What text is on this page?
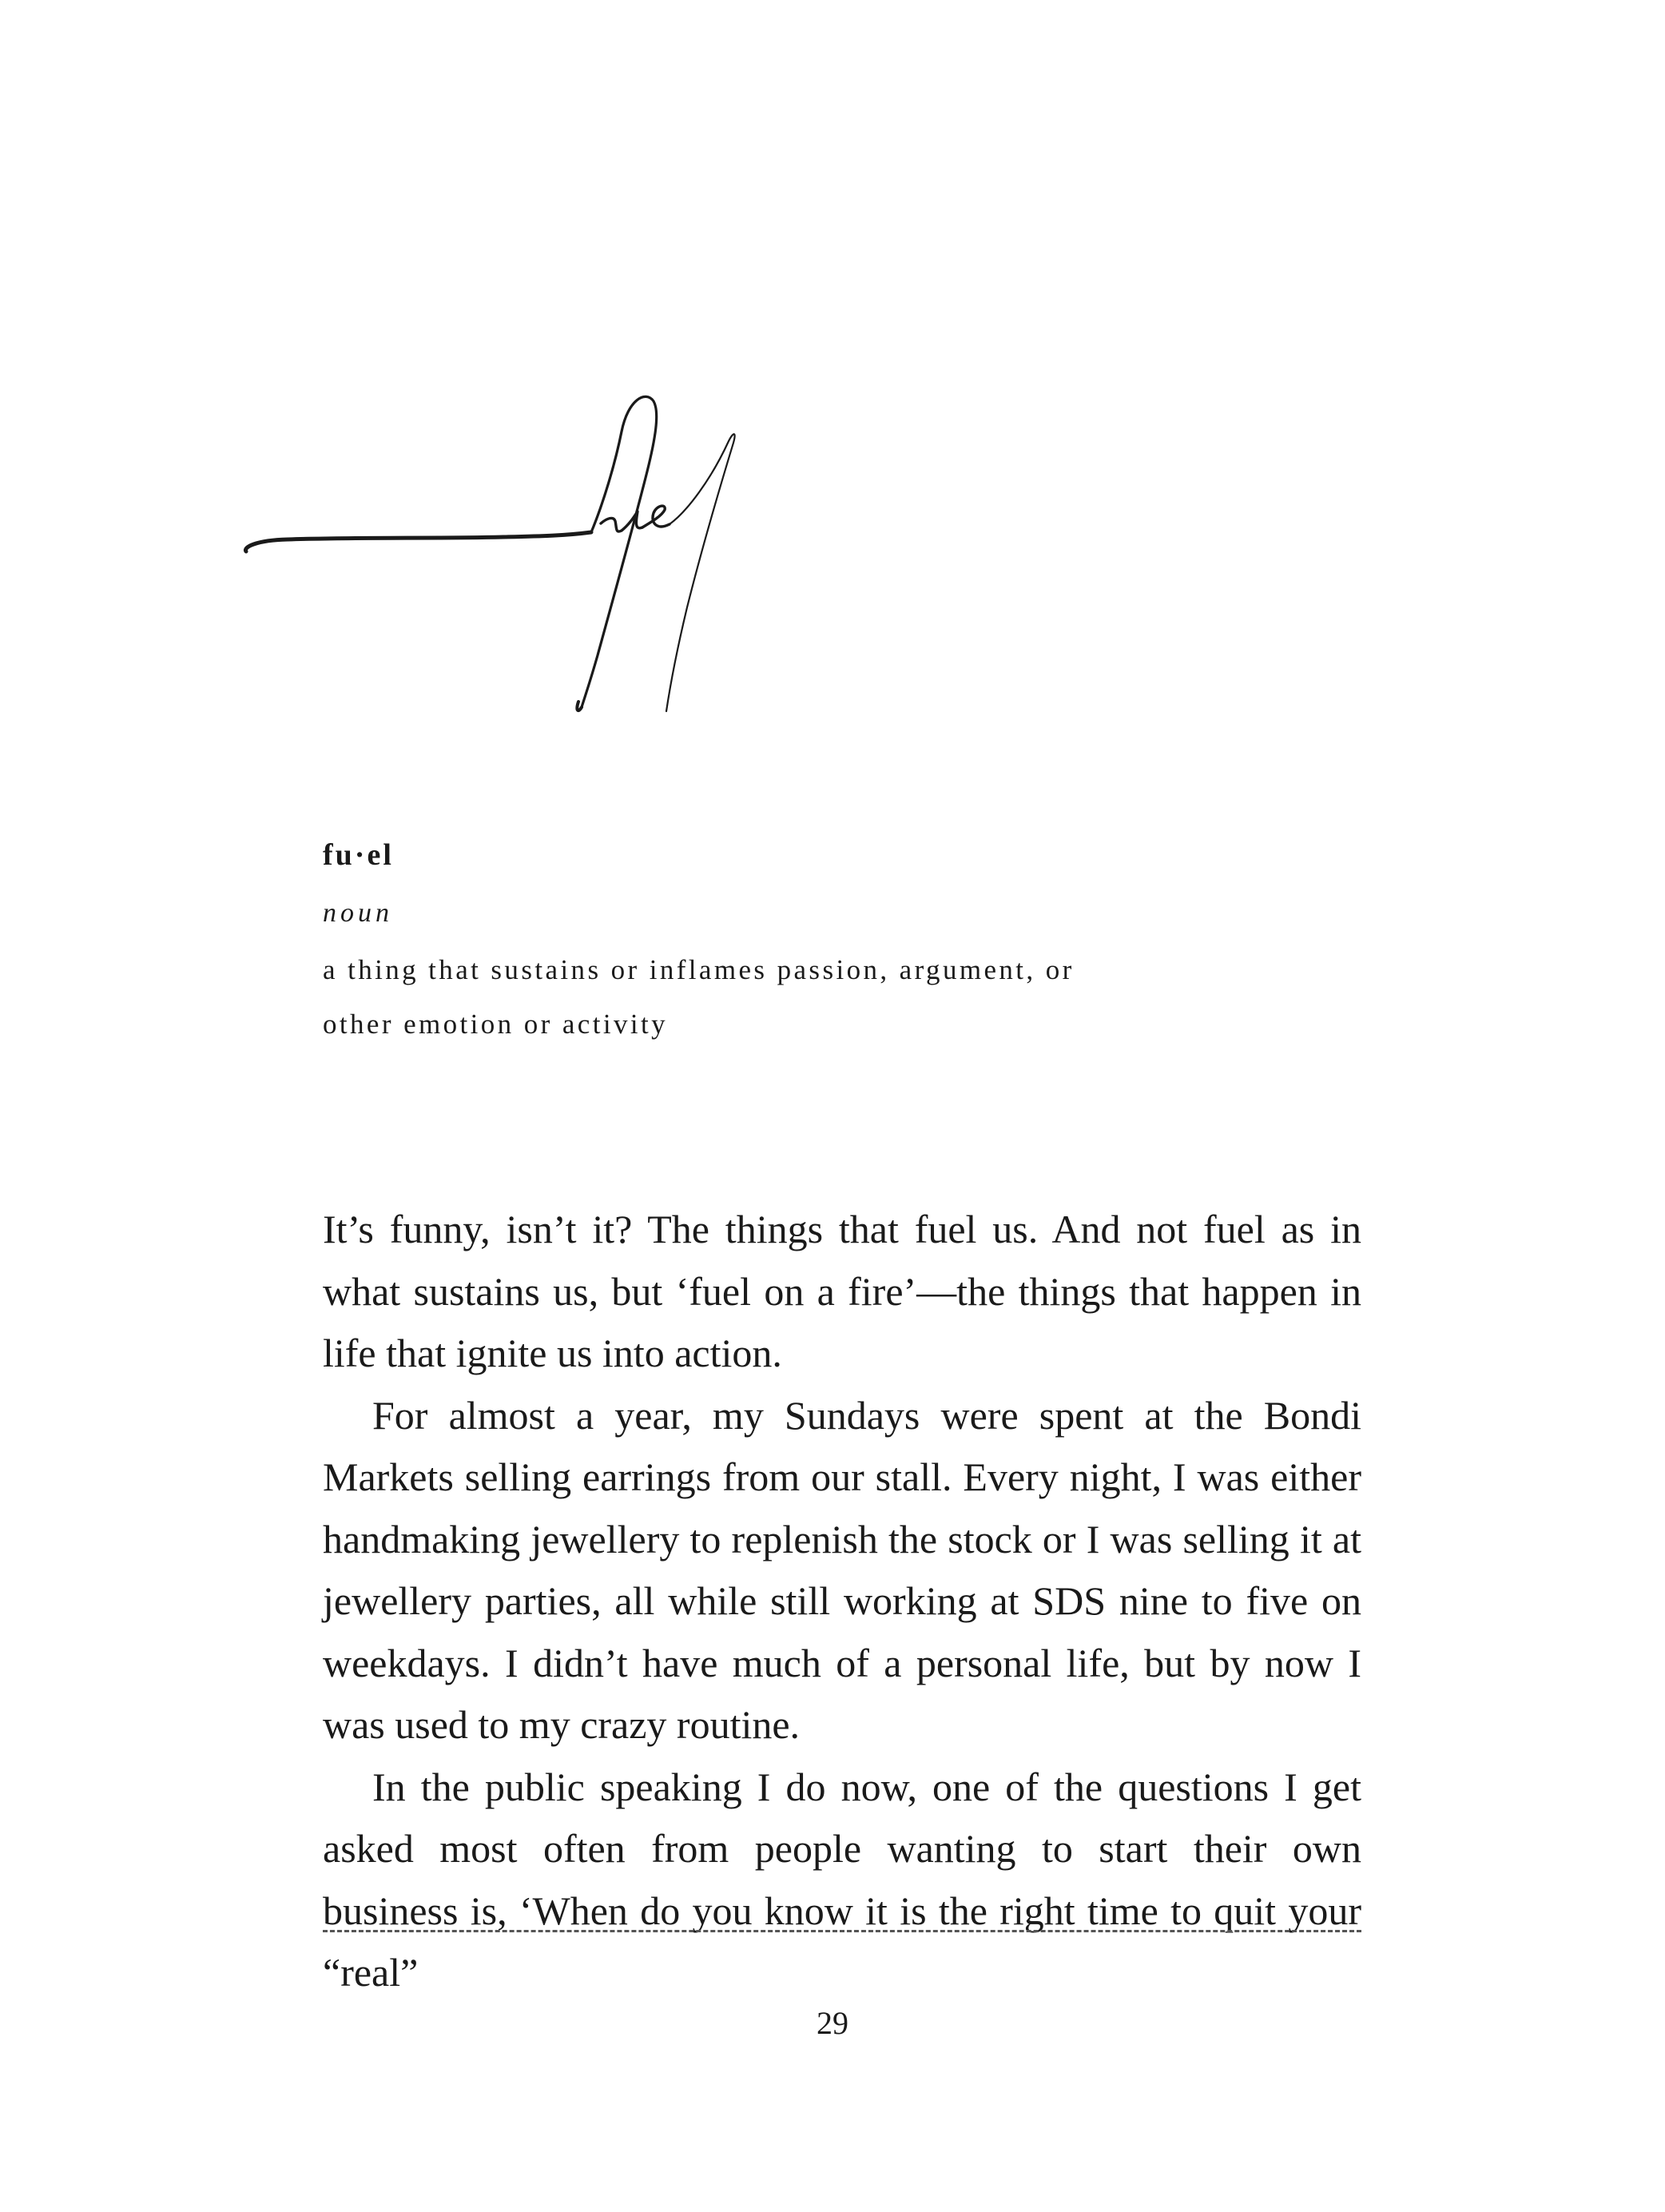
fu·el

noun

a thing that sustains or inflames passion, argument, or
other emotion or activity

It’s funny, isn’t it? The things that fuel us. And not fuel as in what sustains us, but ‘fuel on a fire’—the things that happen in life that ignite us into action.

For almost a year, my Sundays were spent at the Bondi Markets selling earrings from our stall. Every night, I was either handmaking jewellery to replenish the stock or I was selling it at jewellery parties, all while still working at SDS nine to five on weekdays. I didn’t have much of a personal life, but by now I was used to my crazy routine.

In the public speaking I do now, one of the questions I get asked most often from people wanting to start their own business is, ‘When do you know it is the right time to quit your “real”

29
